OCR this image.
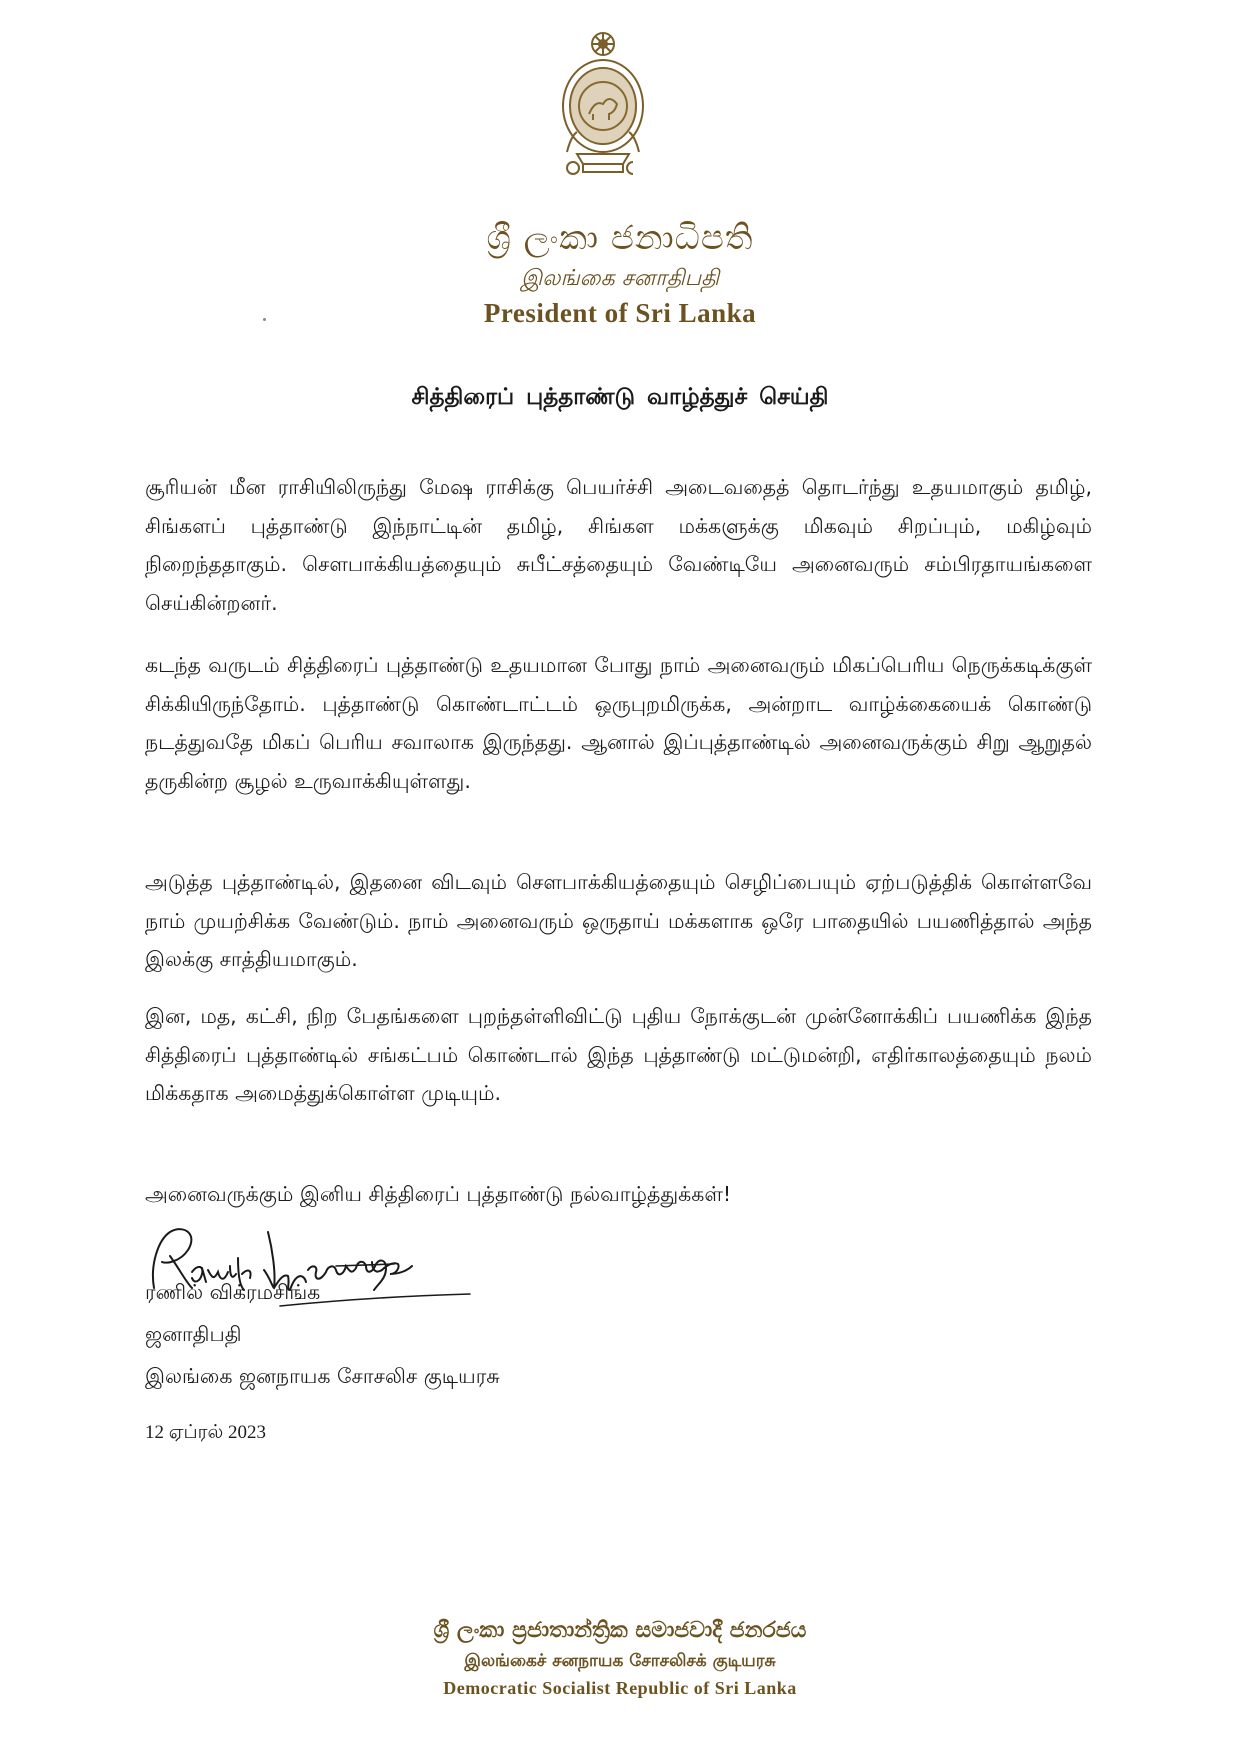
ශ්‍රී ලංකා ජනාධිපති
இலங்கை சனாதிபதி
President of Sri Lanka
சித்திரைப் புத்தாண்டு வாழ்த்துச் செய்தி
சூரியன் மீன ராசியிலிருந்து மேஷ ராசிக்கு பெயர்ச்சி அடைவதைத் தொடர்ந்து உதயமாகும் தமிழ், சிங்களப் புத்தாண்டு இந்நாட்டின் தமிழ், சிங்கள மக்களுக்கு மிகவும் சிறப்பும், மகிழ்வும் நிறைந்ததாகும். சௌபாக்கியத்தையும் சுபீட்சத்தையும் வேண்டியே அனைவரும் சம்பிரதாயங்களை செய்கின்றனர்.
கடந்த வருடம் சித்திரைப் புத்தாண்டு உதயமான போது நாம் அனைவரும் மிகப்பெரிய நெருக்கடிக்குள் சிக்கியிருந்தோம். புத்தாண்டு கொண்டாட்டம் ஒருபுறமிருக்க, அன்றாட வாழ்க்கையைக் கொண்டு நடத்துவதே மிகப் பெரிய சவாலாக இருந்தது. ஆனால் இப்புத்தாண்டில் அனைவருக்கும் சிறு ஆறுதல் தருகின்ற சூழல் உருவாக்கியுள்ளது.
அடுத்த புத்தாண்டில், இதனை விடவும் சௌபாக்கியத்தையும் செழிப்பையும் ஏற்படுத்திக் கொள்ளவே நாம் முயற்சிக்க வேண்டும். நாம் அனைவரும் ஒருதாய் மக்களாக ஒரே பாதையில் பயணித்தால் அந்த இலக்கு சாத்தியமாகும்.
இன, மத, கட்சி, நிற பேதங்களை புறந்தள்ளிவிட்டு புதிய நோக்குடன் முன்னோக்கிப் பயணிக்க இந்த சித்திரைப் புத்தாண்டில் சங்கட்பம் கொண்டால் இந்த புத்தாண்டு மட்டுமன்றி, எதிர்காலத்தையும் நலம் மிக்கதாக அமைத்துக்கொள்ள முடியும்.
அனைவருக்கும் இனிய சித்திரைப் புத்தாண்டு நல்வாழ்த்துக்கள்!
ரணில் விக்ரமசிங்க
ஜனாதிபதி
இலங்கை ஜனநாயக சோசலிச குடியரசு
12 ஏப்ரல் 2023
ශ්‍රී ලංකා ප්‍රජාතාන්ත්‍රික සමාජවාදී ජනරජය
இலங்கைச் சனநாயக சோசலிசக் குடியரசு
Democratic Socialist Republic of Sri Lanka
